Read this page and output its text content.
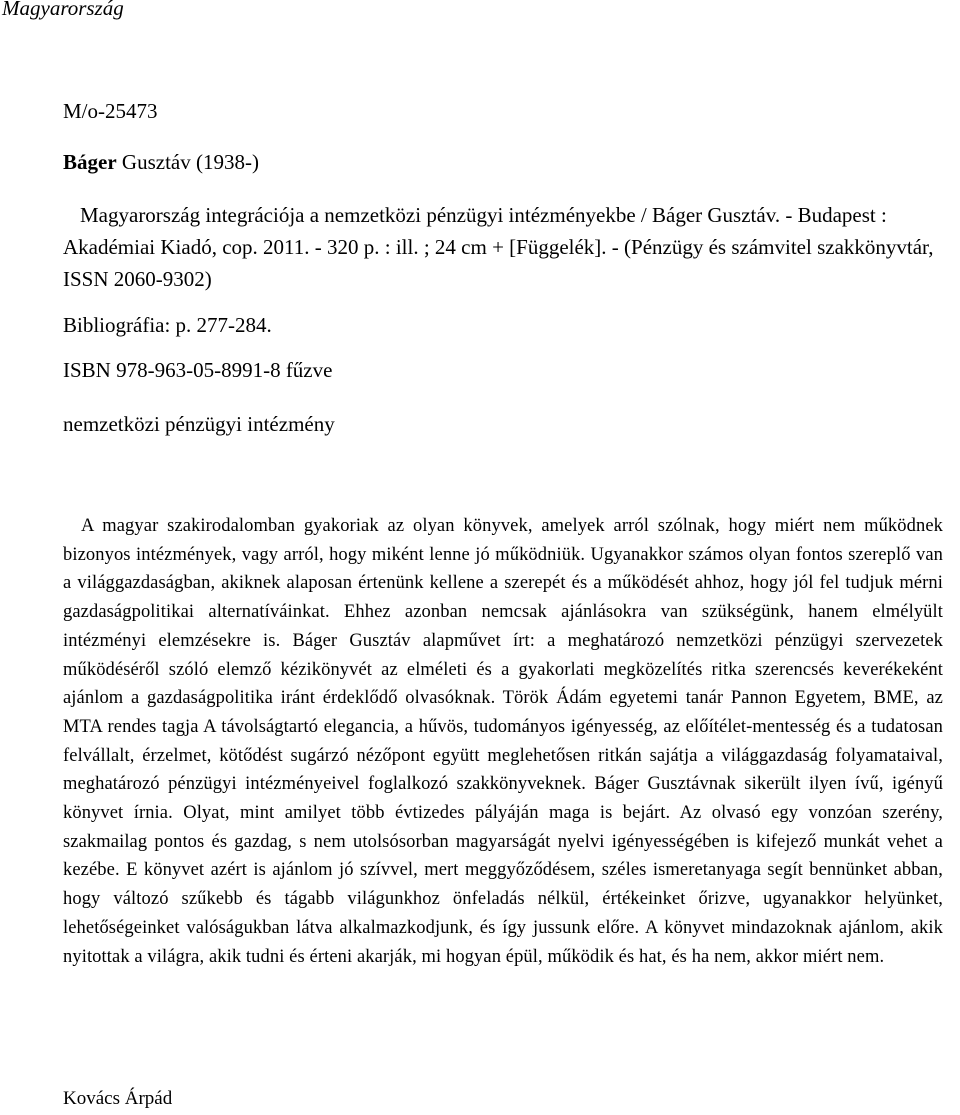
Magyarország
M/o-25473
Báger Gusztáv (1938-)
Magyarország integrációja a nemzetközi pénzügyi intézményekbe / Báger Gusztáv. - Budapest : Akadémiai Kiadó, cop. 2011. - 320 p. : ill. ; 24 cm + [Függelék]. - (Pénzügy és számvitel szakkönyvtár, ISSN 2060-9302)
Bibliográfia: p. 277-284.
ISBN 978-963-05-8991-8 fűzve
nemzetközi pénzügyi intézmény
A magyar szakirodalomban gyakoriak az olyan könyvek, amelyek arról szólnak, hogy miért nem működnek bizonyos intézmények, vagy arról, hogy miként lenne jó működniük. Ugyanakkor számos olyan fontos szereplő van a világgazdaságban, akiknek alaposan értenünk kellene a szerepét és a működését ahhoz, hogy jól fel tudjuk mérni gazdaságpolitikai alternatíváinkat. Ehhez azonban nemcsak ajánlásokra van szükségünk, hanem elmélyült intézményi elemzésekre is. Báger Gusztáv alapművet írt: a meghatározó nemzetközi pénzügyi szervezetek működéséről szóló elemző kézikönyvét az elméleti és a gyakorlati megközelítés ritka szerencsés keverékeként ajánlom a gazdaságpolitika iránt érdeklődő olvasóknak. Török Ádám egyetemi tanár Pannon Egyetem, BME, az MTA rendes tagja A távolságtartó elegancia, a hűvös, tudományos igényesség, az előítélet-mentesség és a tudatosan felvállalt, érzelmet, kötődést sugárzó nézőpont együtt meglehetősen ritkán sajátja a világgazdaság folyamataival, meghatározó pénzügyi intézményeivel foglalkozó szakkönyveknek. Báger Gusztávnak sikerült ilyen ívű, igényű könyvet írnia. Olyat, mint amilyet több évtizedes pályáján maga is bejárt. Az olvasó egy vonzóan szerény, szakmailag pontos és gazdag, s nem utolsósorban magyarságát nyelvi igényességében is kifejező munkát vehet a kezébe. E könyvet azért is ajánlom jó szívvel, mert meggyőződésem, széles ismeretanyaga segít bennünket abban, hogy változó szűkebb és tágabb világunkhoz önfeladás nélkül, értékeinket őrizve, ugyanakkor helyünket, lehetőségeinket valóságukban látva alkalmazkodjunk, és így jussunk előre. A könyvet mindazoknak ajánlom, akik nyitottak a világra, akik tudni és érteni akarják, mi hogyan épül, működik és hat, és ha nem, akkor miért nem.
Kovács Árpád
